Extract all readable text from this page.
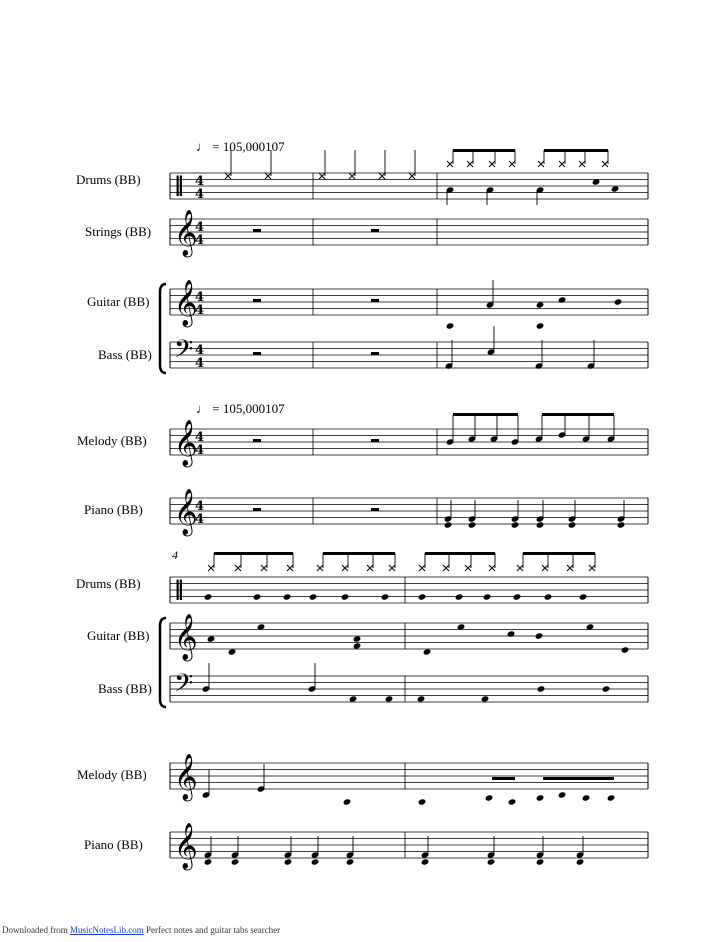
‖ 4
4
𝄞
4
4
𝄞
4
4
𝄢 4
4
𝄞
4
4
𝄞
4
4
‖
𝄞
𝄢
𝄞
𝄞
♩ = 105,000107
♩ = 105,000107
Drums (BB)
Strings (BB)
Guitar (BB)
Bass (BB)
Melody (BB)
Piano (BB)
4
Drums (BB)
Guitar (BB)
Bass (BB)
Melody (BB)
Piano (BB)
Downloaded from MusicNotesLib.com Perfect notes and guitar tabs searcher
